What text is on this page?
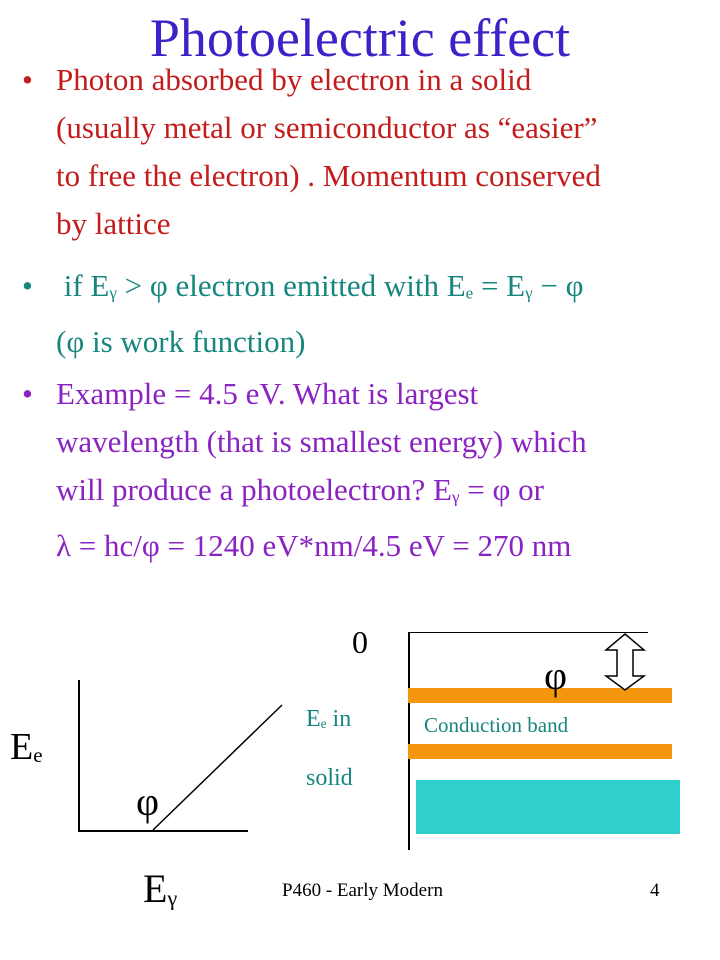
Photoelectric effect
• Photon absorbed by electron in a solid
(usually metal or semiconductor as “easier”
to free the electron) . Momentum conserved
by lattice
• if $E_\gamma > \varphi$ electron emitted with $E_e = E_\gamma - \varphi$
(φ is work function)
• Example = 4.5 eV. What is largest
wavelength (that is smallest energy) which
will produce a photoelectron? $E_\gamma = \varphi$ or
λ = hc/φ = 1240 eV*nm/4.5 eV = 270 nm
φ
$E_e$
$E_\gamma$
$E_e$ in
solid
0
Conduction band
φ
P460 - Early Modern	4
